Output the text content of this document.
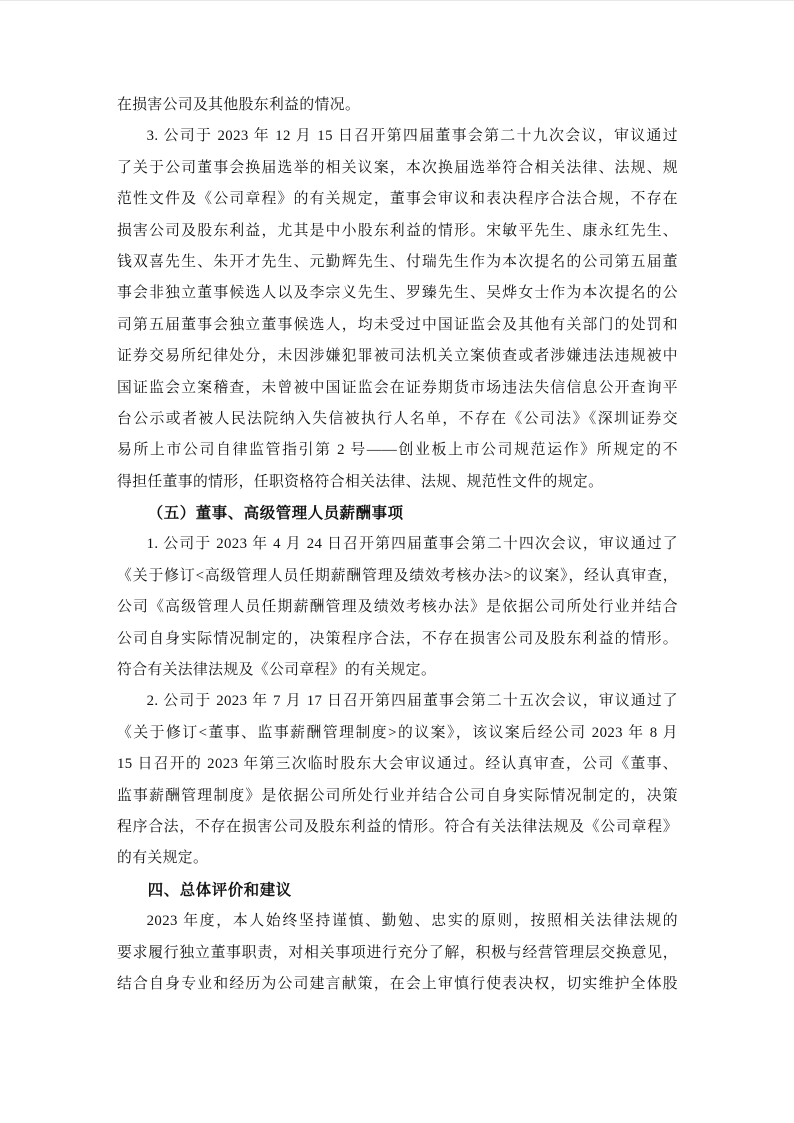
在损害公司及其他股东利益的情况。
3. 公司于 2023 年 12 月 15 日召开第四届董事会第二十九次会议，审议通过
了关于公司董事会换届选举的相关议案，本次换届选举符合相关法律、法规、规
范性文件及《公司章程》的有关规定，董事会审议和表决程序合法合规，不存在
损害公司及股东利益，尤其是中小股东利益的情形。宋敏平先生、康永红先生、
钱双喜先生、朱开才先生、元勤辉先生、付瑞先生作为本次提名的公司第五届董
事会非独立董事候选人以及李宗义先生、罗臻先生、吴烨女士作为本次提名的公
司第五届董事会独立董事候选人，均未受过中国证监会及其他有关部门的处罚和
证券交易所纪律处分，未因涉嫌犯罪被司法机关立案侦查或者涉嫌违法违规被中
国证监会立案稽查，未曾被中国证监会在证券期货市场违法失信信息公开查询平
台公示或者被人民法院纳入失信被执行人名单，不存在《公司法》《深圳证券交
易所上市公司自律监管指引第 2 号——创业板上市公司规范运作》所规定的不
得担任董事的情形，任职资格符合相关法律、法规、规范性文件的规定。
（五）董事、高级管理人员薪酬事项
1. 公司于 2023 年 4 月 24 日召开第四届董事会第二十四次会议，审议通过了
《关于修订<高级管理人员任期薪酬管理及绩效考核办法>的议案》，经认真审查，
公司《高级管理人员任期薪酬管理及绩效考核办法》是依据公司所处行业并结合
公司自身实际情况制定的，决策程序合法，不存在损害公司及股东利益的情形。
符合有关法律法规及《公司章程》的有关规定。
2. 公司于 2023 年 7 月 17 日召开第四届董事会第二十五次会议，审议通过了
《关于修订<董事、监事薪酬管理制度>的议案》，该议案后经公司 2023 年 8 月
15 日召开的 2023 年第三次临时股东大会审议通过。经认真审查，公司《董事、
监事薪酬管理制度》是依据公司所处行业并结合公司自身实际情况制定的，决策
程序合法，不存在损害公司及股东利益的情形。符合有关法律法规及《公司章程》
的有关规定。
四、总体评价和建议
2023 年度，本人始终坚持谨慎、勤勉、忠实的原则，按照相关法律法规的
要求履行独立董事职责，对相关事项进行充分了解，积极与经营管理层交换意见，
结合自身专业和经历为公司建言献策，在会上审慎行使表决权，切实维护全体股
